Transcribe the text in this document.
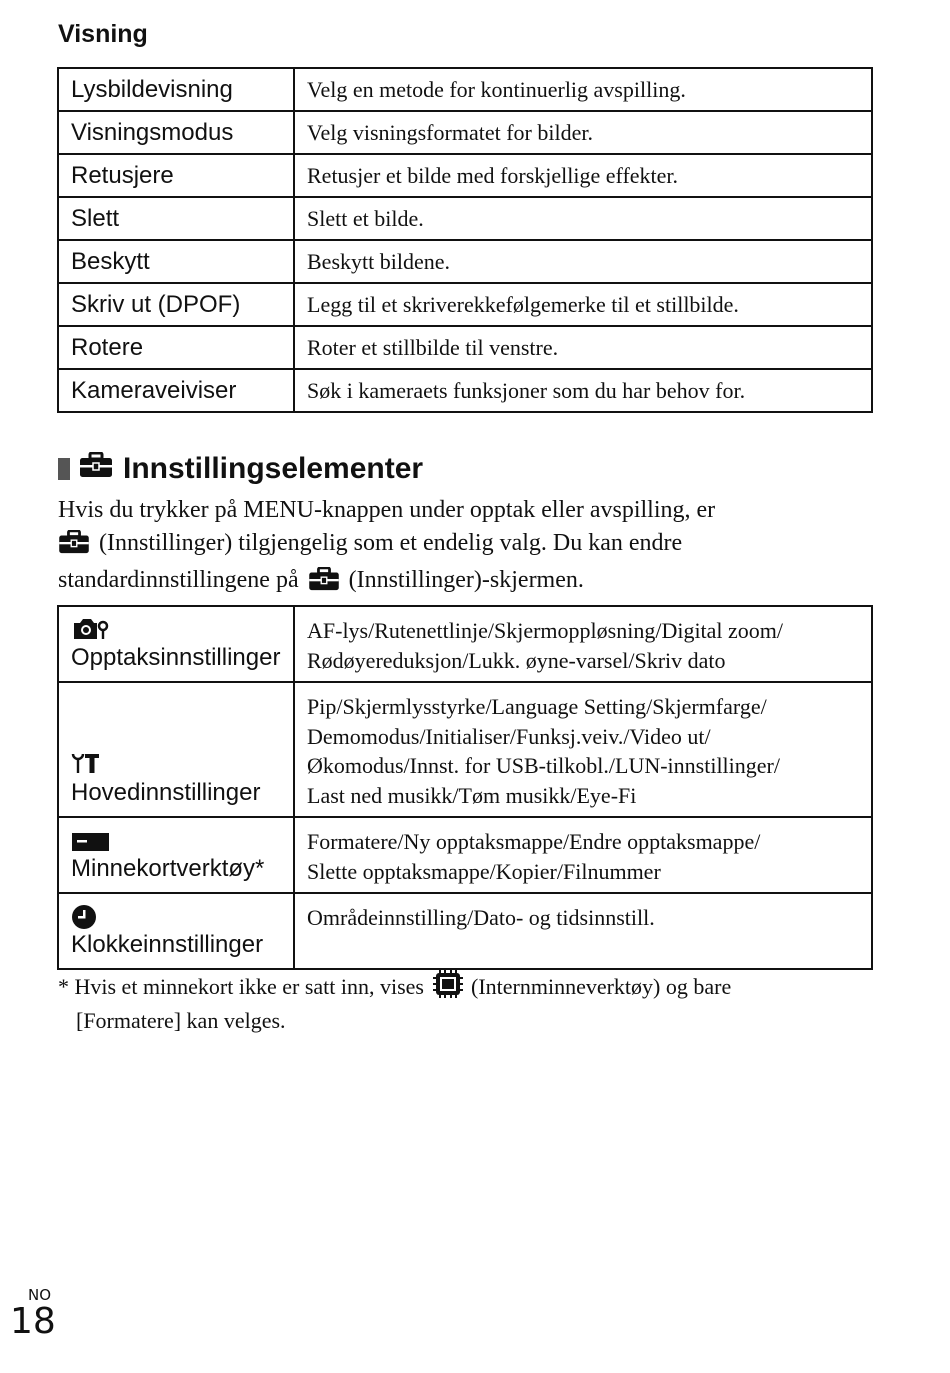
Visning
Lysbildevisning	Velg en metode for kontinuerlig avspilling.
Visningsmodus	Velg visningsformatet for bilder.
Retusjere	Retusjer et bilde med forskjellige effekter.
Slett	Slett et bilde.
Beskytt	Beskytt bildene.
Skriv ut (DPOF)	Legg til et skriverekkefølgemerke til et stillbilde.
Rotere	Roter et stillbilde til venstre.
Kameraveiviser	Søk i kameraets funksjoner som du har behov for.
Innstillingselementer
Hvis du trykker på MENU-knappen under opptak eller avspilling, er
(Innstillinger) tilgjengelig som et endelig valg. Du kan endre
standardinnstillingene på (Innstillinger)-skjermen.
Opptaksinnstillinger	AF-lys/Rutenettlinje/Skjermoppløsning/Digital zoom/
Rødøyereduksjon/Lukk. øyne-varsel/Skriv dato

Hovedinnstillinger	Pip/Skjermlysstyrke/Language Setting/Skjermfarge/
Demomodus/Initialiser/Funksj.veiv./Video ut/
Økomodus/Innst. for USB-tilkobl./LUN-innstillinger/
Last ned musikk/Tøm musikk/Eye-Fi

Minnekortverktøy*	Formatere/Ny opptaksmappe/Endre opptaksmappe/
Slette opptaksmappe/Kopier/Filnummer

Klokkeinnstillinger	Områdeinnstilling/Dato- og tidsinnstill.
* Hvis et minnekort ikke er satt inn, vises (Internminneverktøy) og bare
[Formatere] kan velges.
NO
18
